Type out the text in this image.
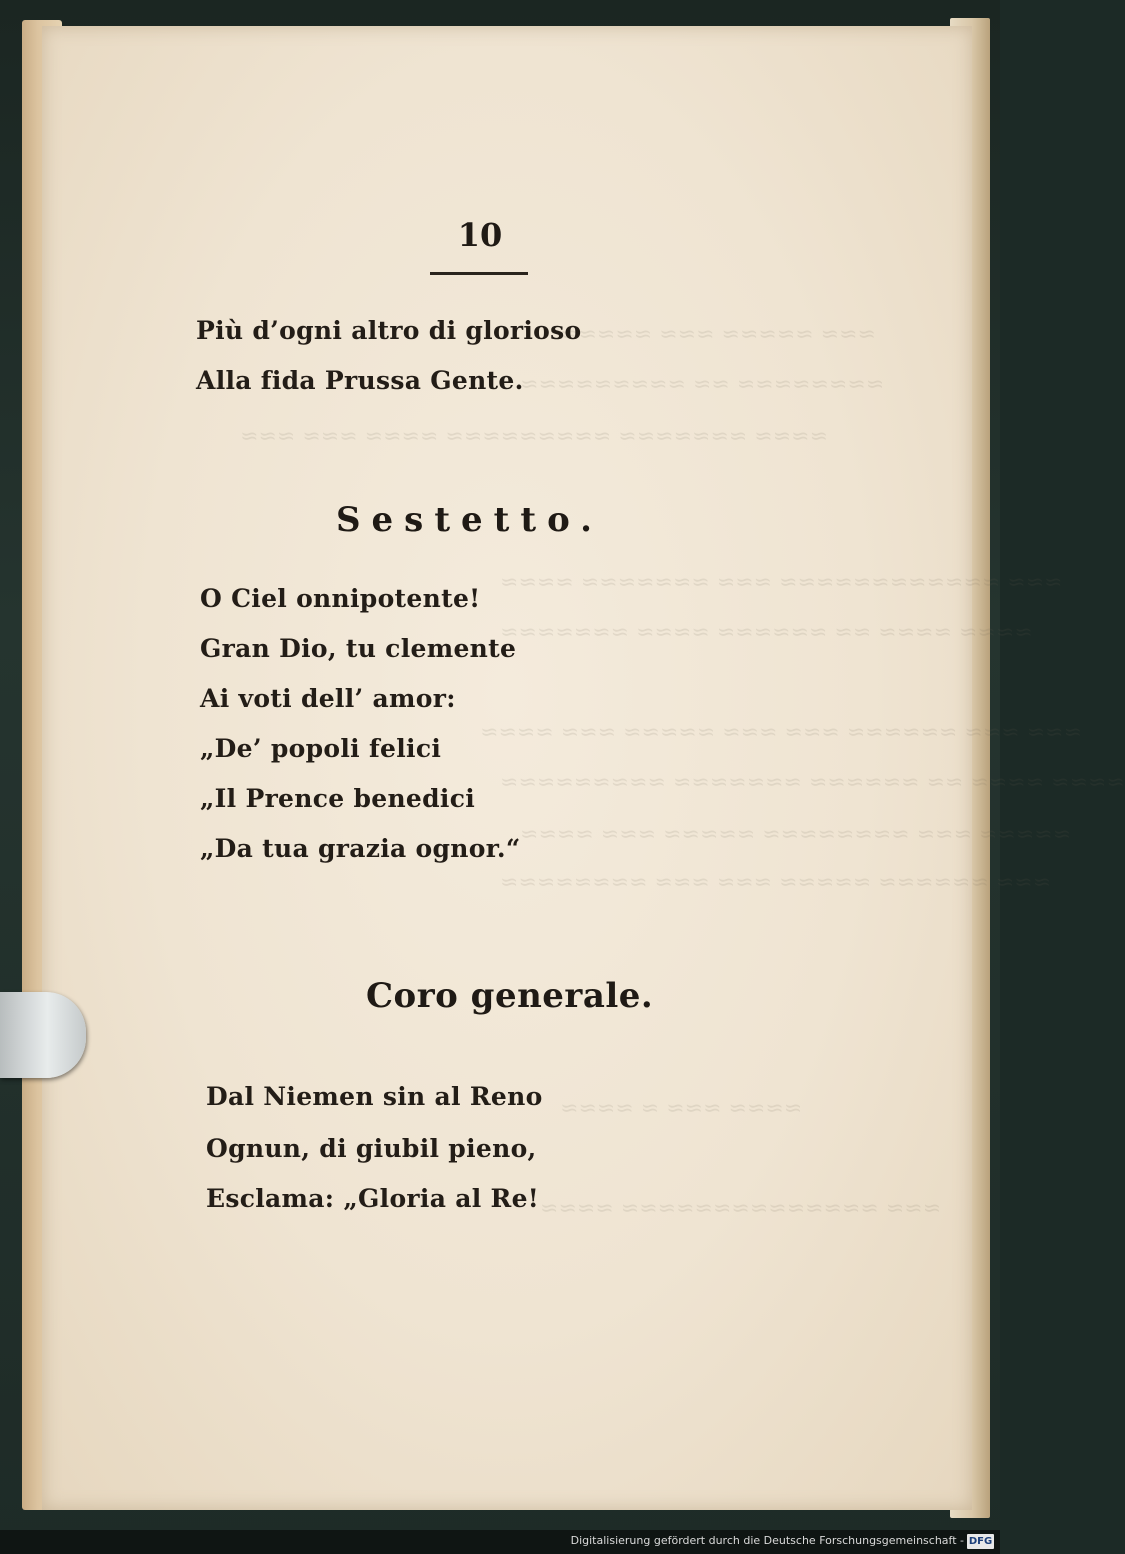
≈≈≈ ≈≈≈≈≈ ≈≈≈ ≈≈≈≈≈
≈≈≈≈≈≈≈≈ ≈≈ ≈≈≈≈≈≈≈≈≈
≈≈≈≈ ≈≈≈≈≈≈≈ ≈≈≈≈≈≈≈≈≈ ≈≈≈≈ ≈≈≈ ≈≈≈
≈≈≈ ≈≈≈≈≈≈≈≈≈≈≈≈ ≈≈≈ ≈≈≈≈≈≈≈ ≈≈≈≈
≈≈≈≈ ≈≈≈≈ ≈≈ ≈≈≈≈≈≈ ≈≈≈≈ ≈≈≈≈≈≈≈
≈≈≈ ≈≈≈ ≈≈≈≈≈≈ ≈≈≈ ≈≈≈ ≈≈≈≈≈ ≈≈≈ ≈≈≈≈
≈≈≈≈ ≈≈≈≈ ≈≈ ≈≈≈≈≈≈ ≈≈≈≈≈≈≈ ≈≈≈≈≈≈≈≈≈
≈≈≈≈≈ ≈≈≈ ≈≈≈≈≈≈≈≈ ≈≈≈≈≈ ≈≈≈ ≈≈≈≈
≈≈≈ ≈≈≈≈≈≈ ≈≈≈≈≈ ≈≈≈ ≈≈≈ ≈≈≈≈≈≈≈≈
≈≈≈≈ ≈≈≈ ≈ ≈≈≈≈
≈≈≈ ≈≈≈≈≈≈≈≈≈≈≈≈≈≈ ≈≈≈≈
10
Più d’ogni altro di glorioso
Alla fida Prussa Gente.
Sestetto.
O Ciel onnipotente!
Gran Dio, tu clemente
Ai voti dell’ amor:
„De’ popoli felici
„Il Prence benedici
„Da tua grazia ognor.“
Coro generale.
Dal Niemen sin al Reno
Ognun, di giubil pieno,
Esclama: „Gloria al Re!
Digitalisierung gefördert durch die Deutsche Forschungsgemeinschaft - DFG
